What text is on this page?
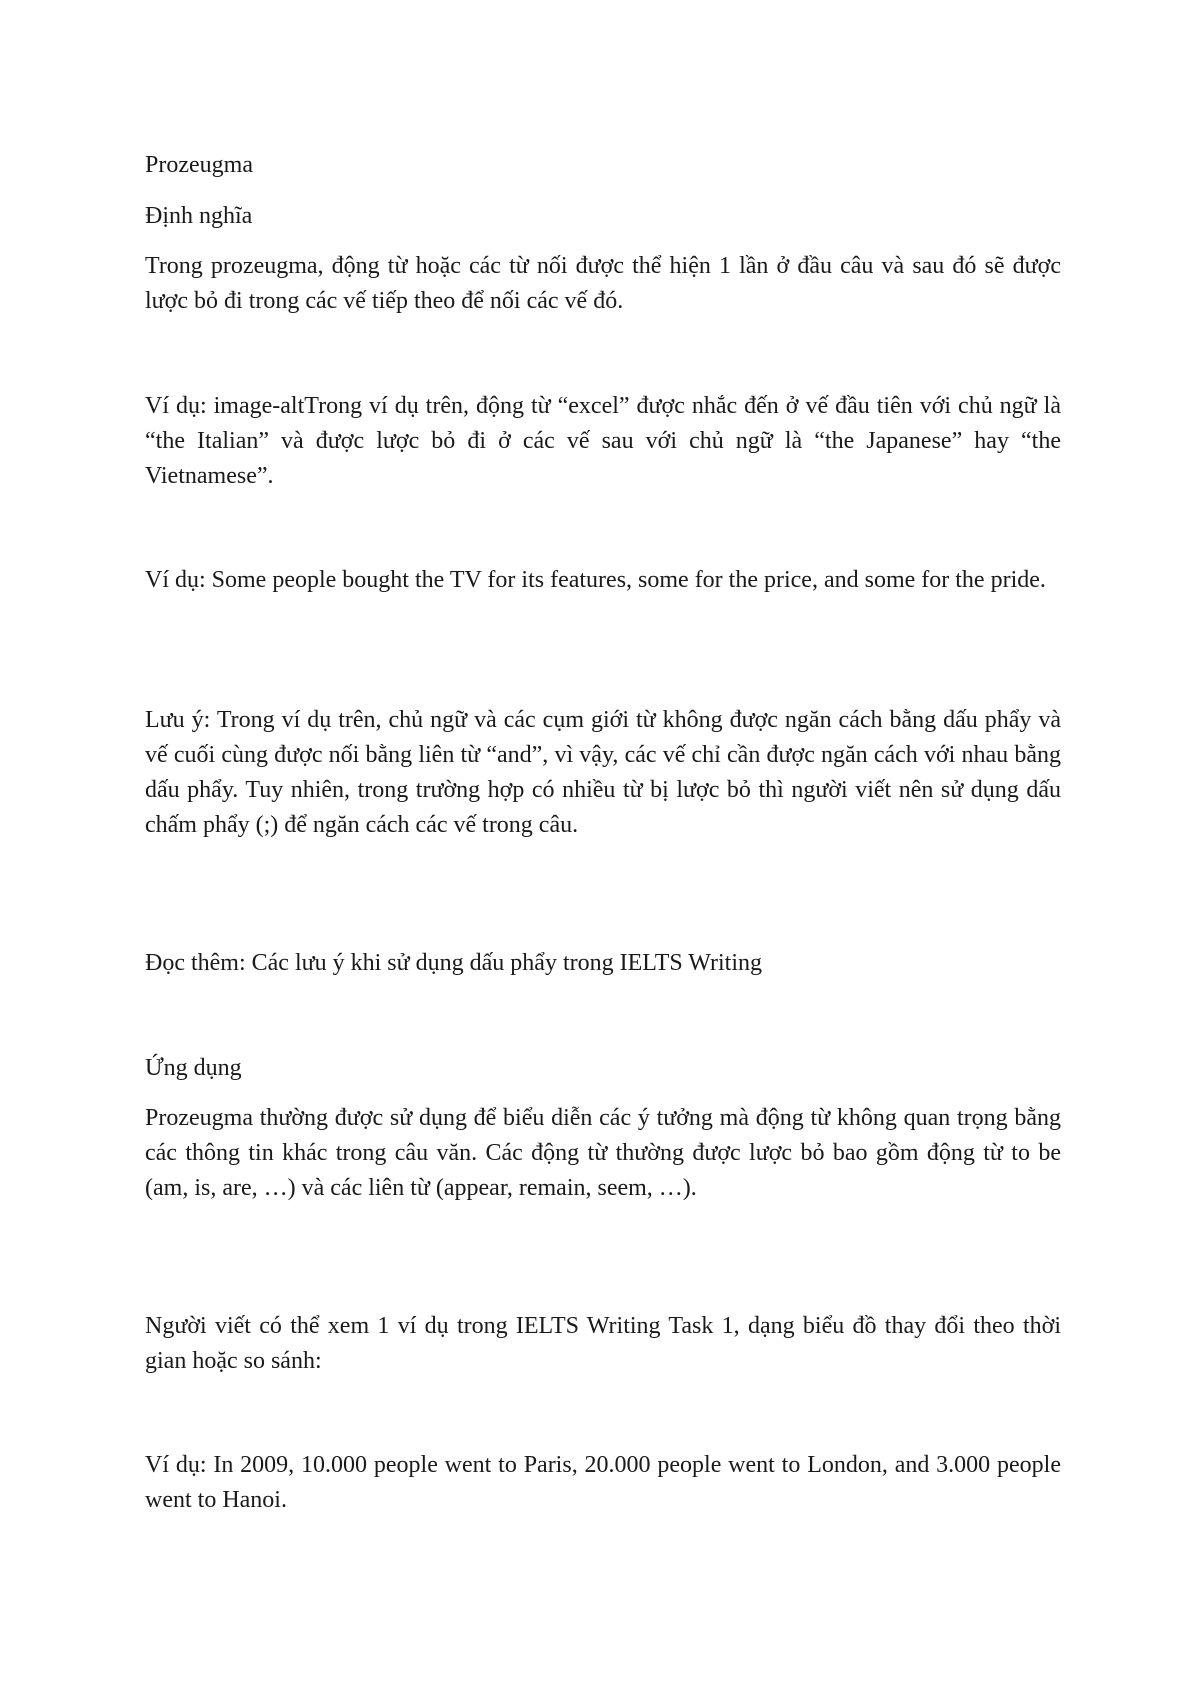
Prozeugma

Định nghĩa

Trong prozeugma, động từ hoặc các từ nối được thể hiện 1 lần ở đầu câu và sau đó sẽ được lược bỏ đi trong các vế tiếp theo để nối các vế đó.

Ví dụ: image-altTrong ví dụ trên, động từ “excel” được nhắc đến ở vế đầu tiên với chủ ngữ là “the Italian” và được lược bỏ đi ở các vế sau với chủ ngữ là “the Japanese” hay “the Vietnamese”.

Ví dụ: Some people bought the TV for its features, some for the price, and some for the pride.

Lưu ý: Trong ví dụ trên, chủ ngữ và các cụm giới từ không được ngăn cách bằng dấu phẩy và vế cuối cùng được nối bằng liên từ “and”, vì vậy, các vế chỉ cần được ngăn cách với nhau bằng dấu phẩy. Tuy nhiên, trong trường hợp có nhiều từ bị lược bỏ thì người viết nên sử dụng dấu chấm phẩy (;) để ngăn cách các vế trong câu.

Đọc thêm: Các lưu ý khi sử dụng dấu phẩy trong IELTS Writing

Ứng dụng

Prozeugma thường được sử dụng để biểu diễn các ý tưởng mà động từ không quan trọng bằng các thông tin khác trong câu văn. Các động từ thường được lược bỏ bao gồm động từ to be (am, is, are, …) và các liên từ (appear, remain, seem, …).

Người viết có thể xem 1 ví dụ trong IELTS Writing Task 1, dạng biểu đồ thay đổi theo thời gian hoặc so sánh:

Ví dụ: In 2009, 10.000 people went to Paris, 20.000 people went to London, and 3.000 people went to Hanoi.
